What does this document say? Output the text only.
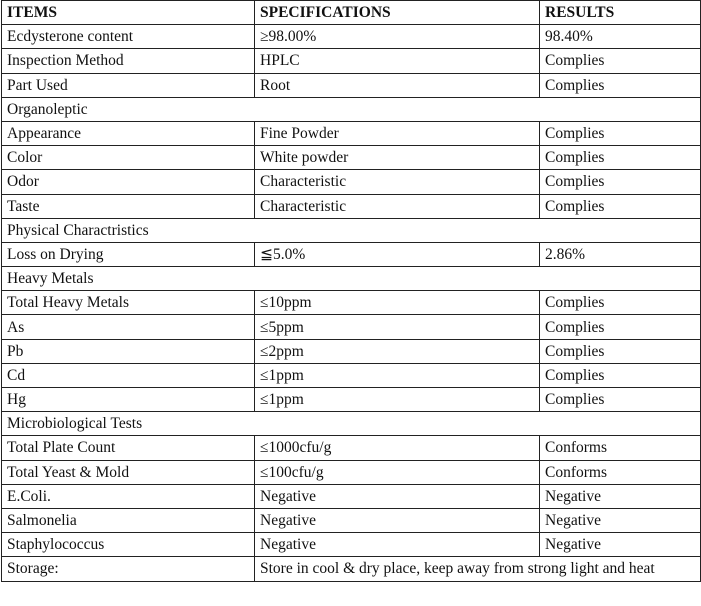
ITEMS	SPECIFICATIONS	RESULTS
Ecdysterone content	≥98.00%	98.40%
Inspection Method	HPLC	Complies
Part Used	Root	Complies
Organoleptic		
Appearance	Fine Powder	Complies
Color	White powder	Complies
Odor	Characteristic	Complies
Taste	Characteristic	Complies
Physical Charactristics		
Loss on Drying	≦5.0%	2.86%
Heavy Metals		
Total Heavy Metals	≤10ppm	Complies
As	≤5ppm	Complies
Pb	≤2ppm	Complies
Cd	≤1ppm	Complies
Hg	≤1ppm	Complies
Microbiological Tests		
Total Plate Count	≤1000cfu/g	Conforms
Total Yeast & Mold	≤100cfu/g	Conforms
E.Coli.	Negative	Negative
Salmonelia	Negative	Negative
Staphylococcus	Negative	Negative
Storage:	Store in cool & dry place, keep away from strong light and heat	
